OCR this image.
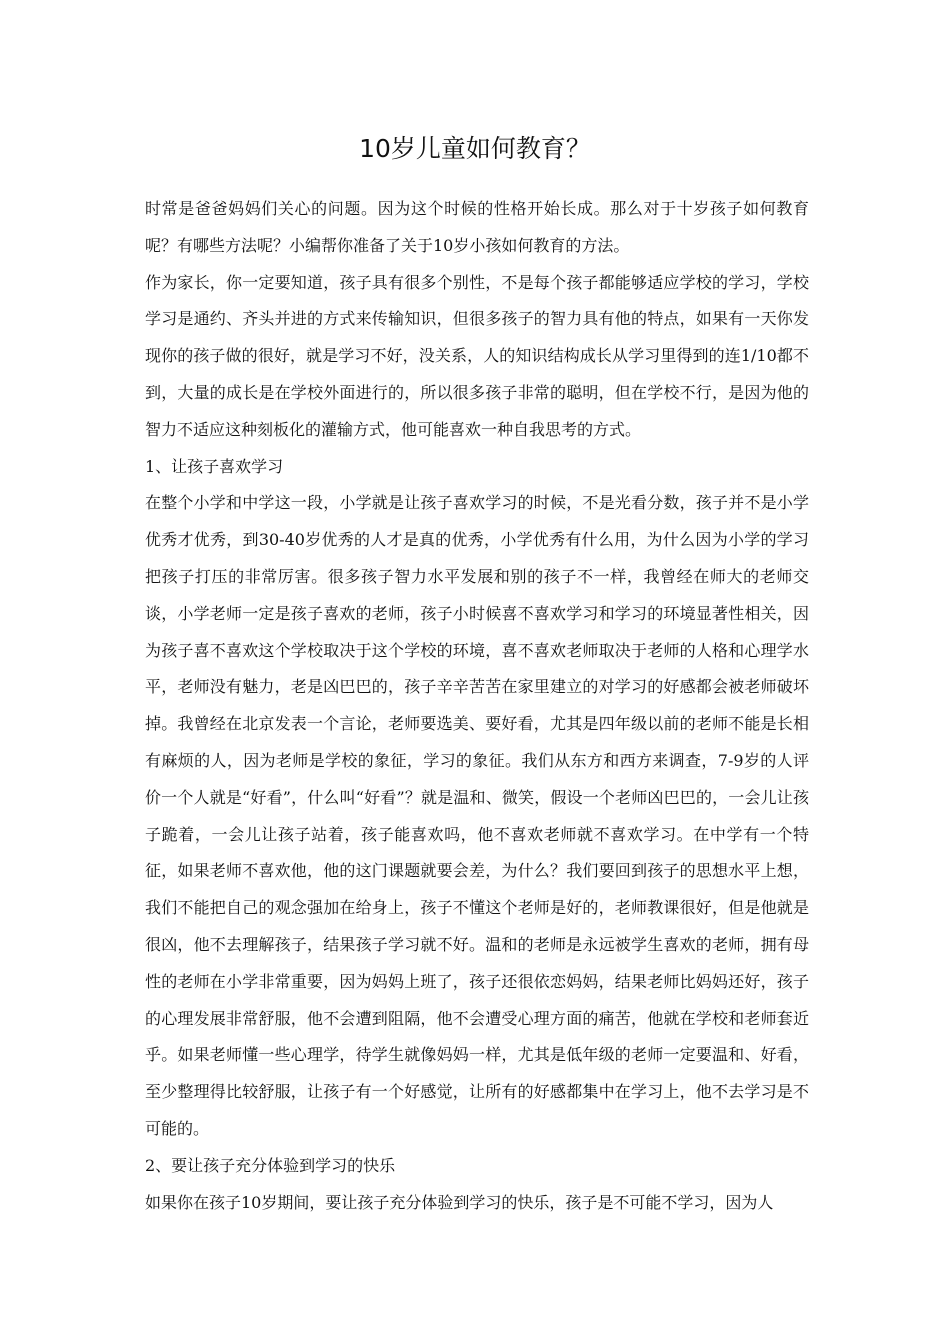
10岁儿童如何教育？

时常是爸爸妈妈们关心的问题。因为这个时候的性格开始长成。那么对于十岁孩子如何教育呢？有哪些方法呢？小编帮你准备了关于10岁小孩如何教育的方法。

作为家长，你一定要知道，孩子具有很多个别性，不是每个孩子都能够适应学校的学习，学校学习是通约、齐头并进的方式来传输知识，但很多孩子的智力具有他的特点，如果有一天你发现你的孩子做的很好，就是学习不好，没关系，人的知识结构成长从学习里得到的连1/10都不到，大量的成长是在学校外面进行的，所以很多孩子非常的聪明，但在学校不行，是因为他的智力不适应这种刻板化的灌输方式，他可能喜欢一种自我思考的方式。

1、让孩子喜欢学习

在整个小学和中学这一段，小学就是让孩子喜欢学习的时候，不是光看分数，孩子并不是小学优秀才优秀，到30-40岁优秀的人才是真的优秀，小学优秀有什么用，为什么因为小学的学习把孩子打压的非常厉害。很多孩子智力水平发展和别的孩子不一样，我曾经在师大的老师交谈，小学老师一定是孩子喜欢的老师，孩子小时候喜不喜欢学习和学习的环境显著性相关，因为孩子喜不喜欢这个学校取决于这个学校的环境，喜不喜欢老师取决于老师的人格和心理学水平，老师没有魅力，老是凶巴巴的，孩子辛辛苦苦在家里建立的对学习的好感都会被老师破坏掉。我曾经在北京发表一个言论，老师要选美、要好看，尤其是四年级以前的老师不能是长相有麻烦的人，因为老师是学校的象征，学习的象征。我们从东方和西方来调查，7-9岁的人评价一个人就是“好看”，什么叫“好看”？就是温和、微笑，假设一个老师凶巴巴的，一会儿让孩子跪着，一会儿让孩子站着，孩子能喜欢吗，他不喜欢老师就不喜欢学习。在中学有一个特征，如果老师不喜欢他，他的这门课题就要会差，为什么？我们要回到孩子的思想水平上想，我们不能把自己的观念强加在给身上，孩子不懂这个老师是好的，老师教课很好，但是他就是很凶，他不去理解孩子，结果孩子学习就不好。温和的老师是永远被学生喜欢的老师，拥有母性的老师在小学非常重要，因为妈妈上班了，孩子还很依恋妈妈，结果老师比妈妈还好，孩子的心理发展非常舒服，他不会遭到阻隔，他不会遭受心理方面的痛苦，他就在学校和老师套近乎。如果老师懂一些心理学，待学生就像妈妈一样，尤其是低年级的老师一定要温和、好看，至少整理得比较舒服，让孩子有一个好感觉，让所有的好感都集中在学习上，他不去学习是不可能的。

2、要让孩子充分体验到学习的快乐

如果你在孩子10岁期间，要让孩子充分体验到学习的快乐，孩子是不可能不学习，因为人
